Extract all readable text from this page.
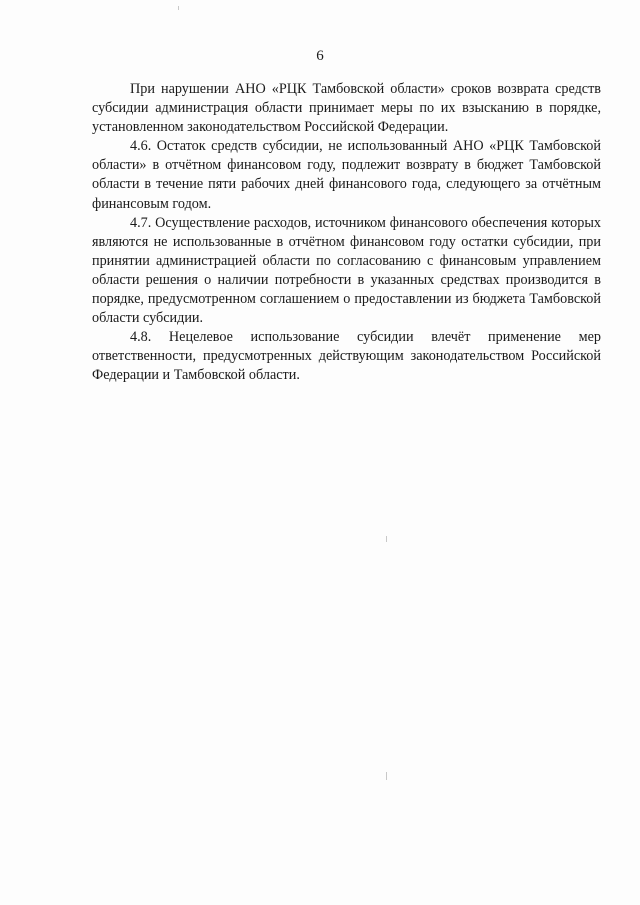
6

При нарушении АНО «РЦК Тамбовской области» сроков возврата средств субсидии администрация области принимает меры по их взысканию в порядке, установленном законодательством Российской Федерации.

4.6. Остаток средств субсидии, не использованный АНО «РЦК Тамбовской области» в отчётном финансовом году, подлежит возврату в бюджет Тамбовской области в течение пяти рабочих дней финансового года, следующего за отчётным финансовым годом.

4.7. Осуществление расходов, источником финансового обеспечения которых являются не использованные в отчётном финансовом году остатки субсидии, при принятии администрацией области по согласованию с финансовым управлением области решения о наличии потребности в указанных средствах производится в порядке, предусмотренном соглашением о предоставлении из бюджета Тамбовской области субсидии.

4.8. Нецелевое использование субсидии влечёт применение мер ответственности, предусмотренных действующим законодательством Российской Федерации и Тамбовской области.
